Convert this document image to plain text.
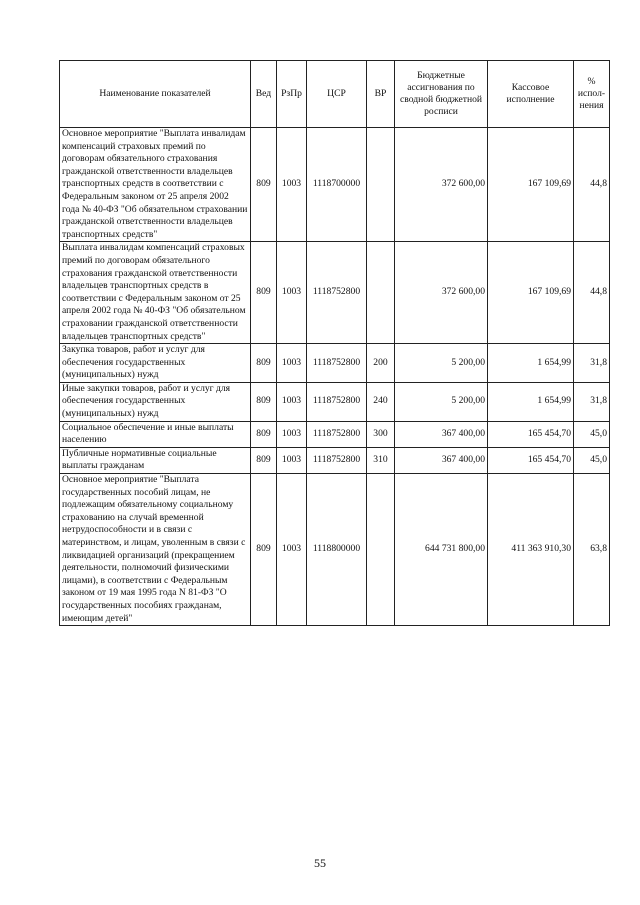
Наименование показателей	Вед	РзПр	ЦСР	ВР	Бюджетные ассигнования по сводной бюджетной росписи	Кассовое исполнение	% испол-нения
Основное мероприятие "Выплата инвалидам компенсаций страховых премий по договорам обязательного страхования гражданской ответственности владельцев транспортных средств в соответствии с Федеральным законом от 25 апреля 2002 года № 40-ФЗ "Об обязательном страховании гражданской ответственности владельцев транспортных средств"	809	1003	1118700000		372 600,00	167 109,69	44,8
Выплата инвалидам компенсаций страховых премий по договорам обязательного страхования гражданской ответственности владельцев транспортных средств в соответствии с Федеральным законом от 25 апреля 2002 года № 40-ФЗ "Об обязательном страховании гражданской ответственности владельцев транспортных средств"	809	1003	1118752800		372 600,00	167 109,69	44,8
Закупка товаров, работ и услуг для обеспечения государственных (муниципальных) нужд	809	1003	1118752800	200	5 200,00	1 654,99	31,8
Иные закупки товаров, работ и услуг для обеспечения государственных (муниципальных) нужд	809	1003	1118752800	240	5 200,00	1 654,99	31,8
Социальное обеспечение и иные выплаты населению	809	1003	1118752800	300	367 400,00	165 454,70	45,0
Публичные нормативные социальные выплаты гражданам	809	1003	1118752800	310	367 400,00	165 454,70	45,0
Основное мероприятие "Выплата государственных пособий лицам, не подлежащим обязательному социальному страхованию на случай временной нетрудоспособности и в связи с материнством, и лицам, уволенным в связи с ликвидацией организаций (прекращением деятельности, полномочий физическими лицами), в соответствии с Федеральным законом от 19 мая 1995 года N 81-ФЗ "О государственных пособиях гражданам, имеющим детей"	809	1003	1118800000		644 731 800,00	411 363 910,30	63,8
55
